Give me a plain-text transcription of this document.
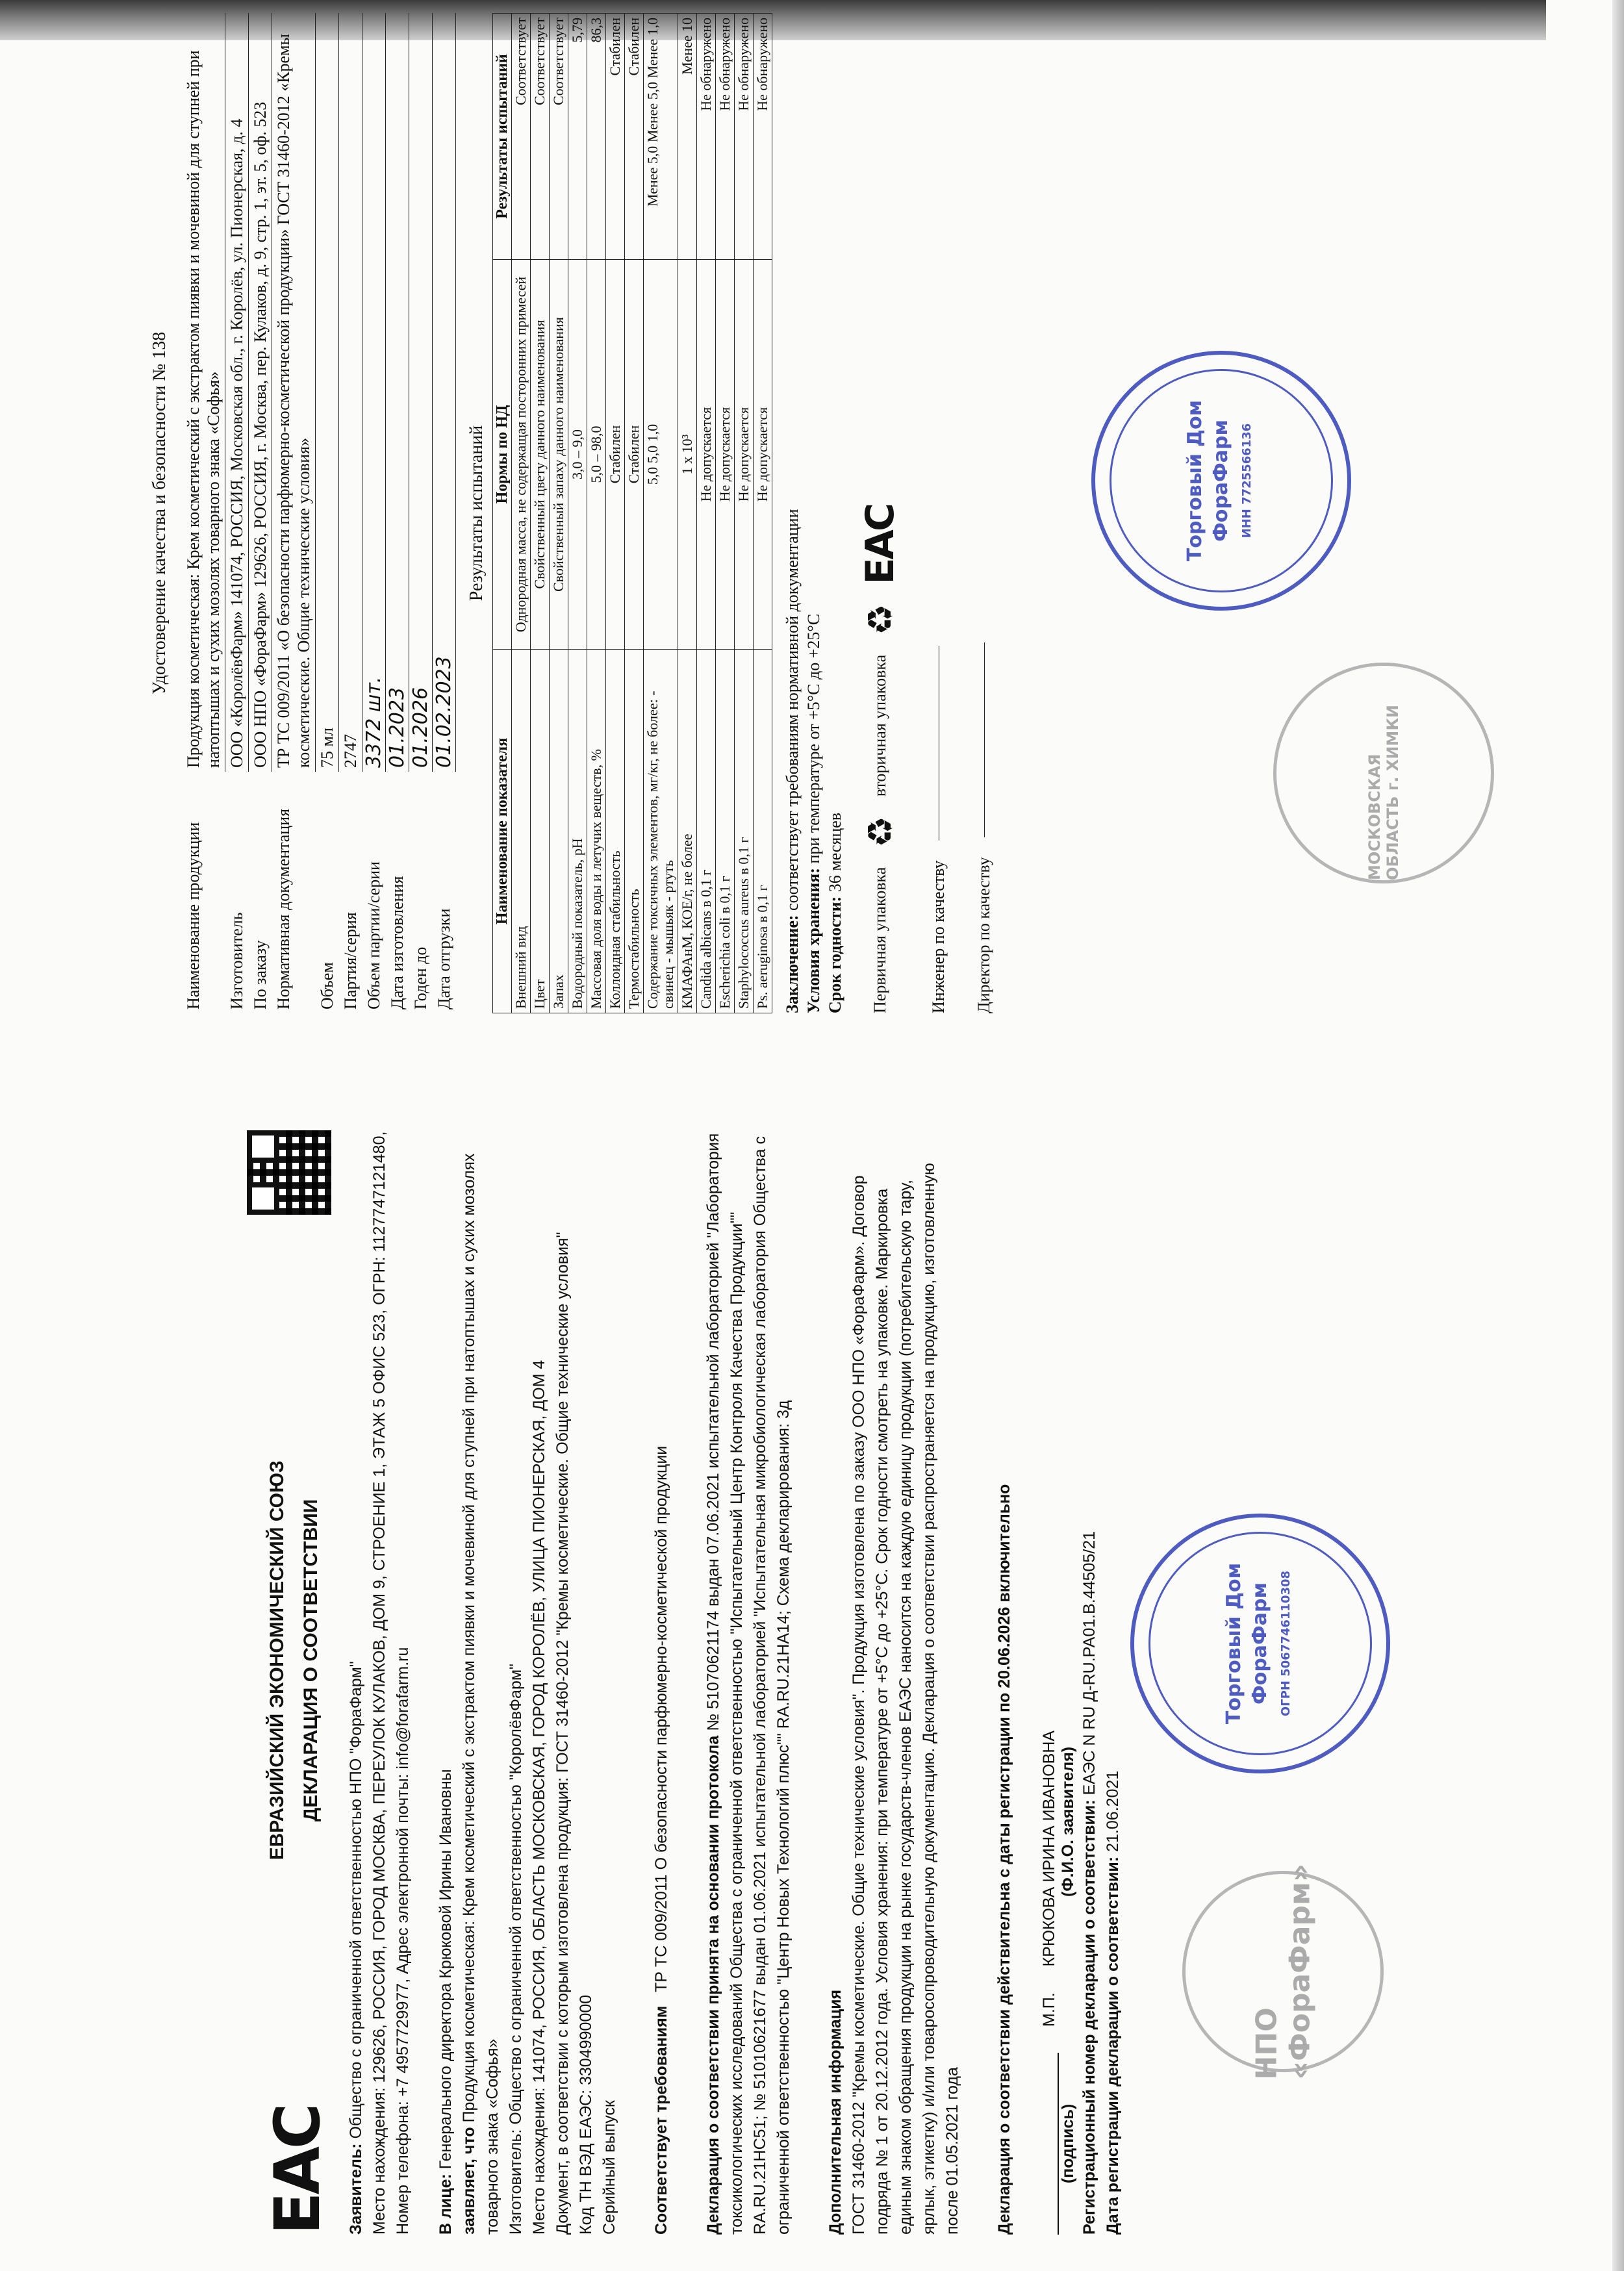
EAC
ЕВРАЗИЙСКИЙ ЭКОНОМИЧЕСКИЙ СОЮЗ ДЕКЛАРАЦИЯ О СООТВЕТСТВИИ

Заявитель: Общество с ограниченной ответственностью НПО "ФораФарм" Место нахождения: 129626, РОССИЯ, ГОРОД МОСКВА, ПЕРЕУЛОК КУЛАКОВ, ДОМ 9, СТРОЕНИЕ 1, ЭТАЖ 5 ОФИС 523, ОГРН: 1127747121480, Номер телефона: +7 4957729977, Адрес электронной почты: info@forafarm.ru В лице: Генерального директора Крюковой Ирины Ивановны

заявляет, что Продукция косметическая: Крем косметический с экстрактом пиявки и мочевиной для ступней при натоптышах и сухих мозолях товарного знака «Софья» Изготовитель: Общество с ограниченной ответственностью "КоролёвФарм" Место нахождения: 141074, РОССИЯ, ОБЛАСТЬ МОСКОВСКАЯ, ГОРОД КОРОЛЁВ, УЛИЦА ПИОНЕРСКАЯ, ДОМ 4 Документ, в соответствии с которым изготовлена продукция: ГОСТ 31460-2012 "Кремы косметические. Общие технические условия" Код ТН ВЭД ЕАЭС: 3304990000 Серийный выпуск Соответствует требованиям   ТР ТС 009/2011 О безопасности парфюмерно-косметической продукции Декларация о соответствии принята на основании протокола № 51070621174 выдан 07.06.2021 испытательной лабораторией "Лаборатория токсикологических исследований Общества с ограниченной ответственностью "Испытательный Центр Контроля Качества Продукции"" RA.RU.21НС51; № 51010621677 выдан 01.06.2021 испытательной лабораторией "Испытательная микробиологическая лаборатория Общества с ограниченной ответственностью "Центр Новых Технологий плюс"" RA.RU.21НА14; Схема декларирования: 3д Дополнительная информация ГОСТ 31460-2012 "Кремы косметические. Общие технические условия". Продукция изготовлена по заказу ООО НПО «ФораФарм». Договор подряда № 1 от 20.12.2012 года. Условия хранения: при температуре от +5°С до +25°С. Срок годности смотреть на упаковке. Маркировка единым знаком обращения продукции на рынке государств-членов ЕАЭС наносится на каждую единицу продукции (потребительскую тару, ярлык, этикетку) и/или товаросопроводительную документацию. Декларация о соответствии распространяется на продукцию, изготовленную после 01.05.2021 года Декларация о соответствии действительна с даты регистрации по 20.06.2026 включительно М.П.
КРЮКОВА ИРИНА ИВАНОВНА
(подпись)
(Ф.И.О. заявителя) Регистрационный номер декларации о соответствии: ЕАЭС N RU Д-RU.РА01.В.44505/21

Дата регистрации декларации о соответствии: 21.06.2021

Удостоверение качества и безопасности № 138
Наименование продукции	Продукция косметическая: Крем косметический с экстрактом пиявки и мочевиной для ступней при натоптышах и сухих мозолях товарного знака «Софья»
Изготовитель	ООО «КоролёвФарм» 141074, РОССИЯ, Московская обл., г. Королёв, ул. Пионерская, д. 4
По заказу	ООО НПО «ФораФарм» 129626, РОССИЯ, г. Москва, пер. Кулаков, д. 9, стр. 1, эт. 5, оф. 523
Нормативная документация	ТР ТС 009/2011 «О безопасности парфюмерно-косметической продукции» ГОСТ 31460-2012 «Кремы косметические. Общие технические условия»
Объем	75 мл
Партия/серия	2747
Объем партии/серии	3372 шт.
Дата изготовления	01.2023
Годен до	01.2026
Дата отгрузки	01.02.2023
Результаты испытаний
Наименование показателя	Нормы по НД	Результаты испытаний
Внешний вид	Однородная масса, не содержащая посторонних примесей	Соответствует
Цвет	Свойственный цвету данного наименования	Соответствует
Запах	Свойственный запаху данного наименования	Соответствует
Водородный показатель, pH	3,0 – 9,0	5,79
Массовая доля воды и летучих веществ, %	5,0 – 98,0	86,3
Коллоидная стабильность	Стабилен	Стабилен
Термостабильность	Стабилен	Стабилен
Содержание токсичных элементов, мг/кг, не более: - свинец - мышьяк - ртуть	5,0 5,0 1,0	Менее 5,0 Менее 5,0 Менее 1,0
КМАФАнМ, КОЕ/г, не более	1 х 10³	Менее 10
Candida albicans в 0,1 г	Не допускается	Не обнаружено
Escherichia coli в 0,1 г	Не допускается	Не обнаружено
Staphylococcus aureus в 0,1 г	Не допускается	Не обнаружено
Ps. aeruginosa в 0,1 г	Не допускается	Не обнаружено
Заключение: соответствует требованиям нормативной документации
Условия хранения: при температуре от +5°С до +25°С
Срок годности: 36 месяцев
Первичная упаковка
♻
вторичная упаковка
♻
EAC
Инженер по качеству Директор по качеству
Торговый Дом ФораФарм ИНН 7725566136
Торговый Дом ФораФарм ОГРН 5067746110308
НПО «ФораФарм»
МОСКОВСКАЯ ОБЛАСТЬ г. ХИМКИ
